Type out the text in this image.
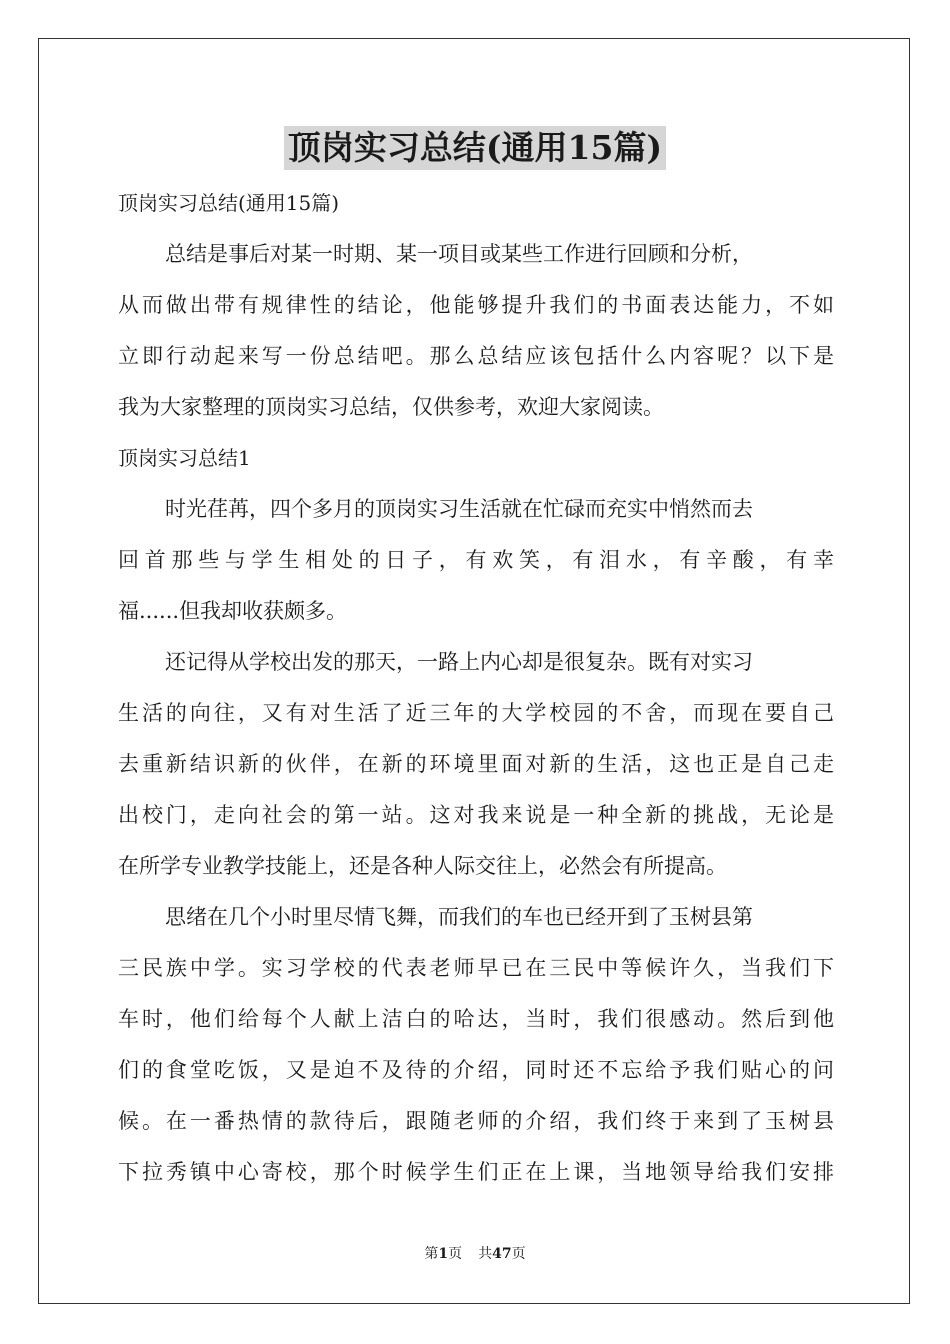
顶岗实习总结(通用15篇)

顶岗实习总结(通用15篇)

总结是事后对某一时期、某一项目或某些工作进行回顾和分析，

从而做出带有规律性的结论，他能够提升我们的书面表达能力，不如

立即行动起来写一份总结吧。那么总结应该包括什么内容呢？以下是

我为大家整理的顶岗实习总结，仅供参考，欢迎大家阅读。

顶岗实习总结1

时光荏苒，四个多月的顶岗实习生活就在忙碌而充实中悄然而去

回首那些与学生相处的日子，有欢笑，有泪水，有辛酸，有幸

福......但我却收获颇多。

还记得从学校出发的那天，一路上内心却是很复杂。既有对实习

生活的向往，又有对生活了近三年的大学校园的不舍，而现在要自己

去重新结识新的伙伴，在新的环境里面对新的生活，这也正是自己走

出校门，走向社会的第一站。这对我来说是一种全新的挑战，无论是

在所学专业教学技能上，还是各种人际交往上，必然会有所提高。

思绪在几个小时里尽情飞舞，而我们的车也已经开到了玉树县第

三民族中学。实习学校的代表老师早已在三民中等候许久，当我们下

车时，他们给每个人献上洁白的哈达，当时，我们很感动。然后到他

们的食堂吃饭，又是迫不及待的介绍，同时还不忘给予我们贴心的问

候。在一番热情的款待后，跟随老师的介绍，我们终于来到了玉树县

下拉秀镇中心寄校，那个时候学生们正在上课，当地领导给我们安排

第1页 共47页
